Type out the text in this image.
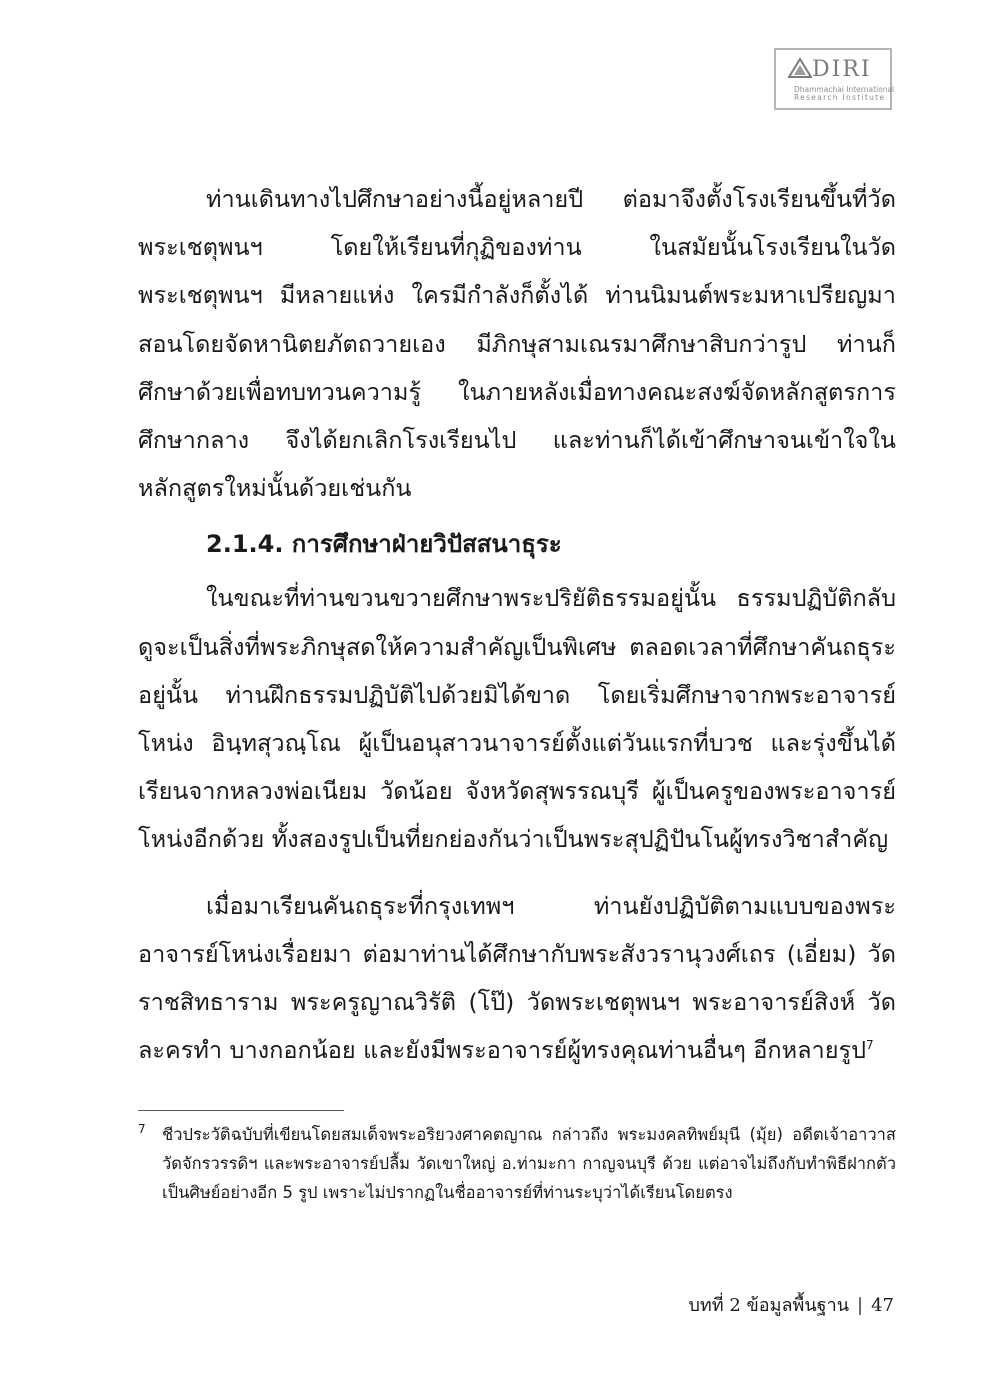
DIRI
Dhammachai International
Research Institute

ท่านเดินทางไปศึกษาอย่างนี้อยู่หลายปี ต่อมาจึงตั้งโรงเรียนขึ้นที่วัดพระเชตุพนฯ โดยให้เรียนที่กุฏิของท่าน ในสมัยนั้นโรงเรียนในวัดพระเชตุพนฯ มีหลายแห่ง ใครมีกำลังก็ตั้งได้ ท่านนิมนต์พระมหาเปรียญมาสอนโดยจัดหานิตยภัตถวายเอง มีภิกษุสามเณรมาศึกษาสิบกว่ารูป ท่านก็ศึกษาด้วยเพื่อทบทวนความรู้ ในภายหลังเมื่อทางคณะสงฆ์จัดหลักสูตรการศึกษากลาง จึงได้ยกเลิกโรงเรียนไป และท่านก็ได้เข้าศึกษาจนเข้าใจในหลักสูตรใหม่นั้นด้วยเช่นกัน

2.1.4. การศึกษาฝ่ายวิปัสสนาธุระ

ในขณะที่ท่านขวนขวายศึกษาพระปริยัติธรรมอยู่นั้น ธรรมปฏิบัติกลับดูจะเป็นสิ่งที่พระภิกษุสดให้ความสำคัญเป็นพิเศษ ตลอดเวลาที่ศึกษาคันถธุระอยู่นั้น ท่านฝึกธรรมปฏิบัติไปด้วยมิได้ขาด โดยเริ่มศึกษาจากพระอาจารย์โหน่ง อินฺทสุวณฺโณ ผู้เป็นอนุสาวนาจารย์ตั้งแต่วันแรกที่บวช และรุ่งขึ้นได้เรียนจากหลวงพ่อเนียม วัดน้อย จังหวัดสุพรรณบุรี ผู้เป็นครูของพระอาจารย์โหน่งอีกด้วย ทั้งสองรูปเป็นที่ยกย่องกันว่าเป็นพระสุปฏิปันโนผู้ทรงวิชาสำคัญ

เมื่อมาเรียนคันถธุระที่กรุงเทพฯ ท่านยังปฏิบัติตามแบบของพระอาจารย์โหน่งเรื่อยมา ต่อมาท่านได้ศึกษากับพระสังวรานุวงศ์เถร (เอี่ยม) วัดราชสิทธาราม พระครูญาณวิรัติ (โป๊) วัดพระเชตุพนฯ พระอาจารย์สิงห์ วัดละครทำ บางกอกน้อย และยังมีพระอาจารย์ผู้ทรงคุณท่านอื่นๆ อีกหลายรูป$^7$

7 ชีวประวัติฉบับที่เขียนโดยสมเด็จพระอริยวงศาคตญาณ กล่าวถึง พระมงคลทิพย์มุนี (มุ้ย) อดีตเจ้าอาวาสวัดจักรวรรดิฯ และพระอาจารย์ปลื้ม วัดเขาใหญ่ อ.ท่ามะกา กาญจนบุรี ด้วย แต่อาจไม่ถึงกับทำพิธีฝากตัวเป็นศิษย์อย่างอีก 5 รูป เพราะไม่ปรากฏในชื่ออาจารย์ที่ท่านระบุว่าได้เรียนโดยตรง
บทที่ 2 ข้อมูลพื้นฐาน | 47
